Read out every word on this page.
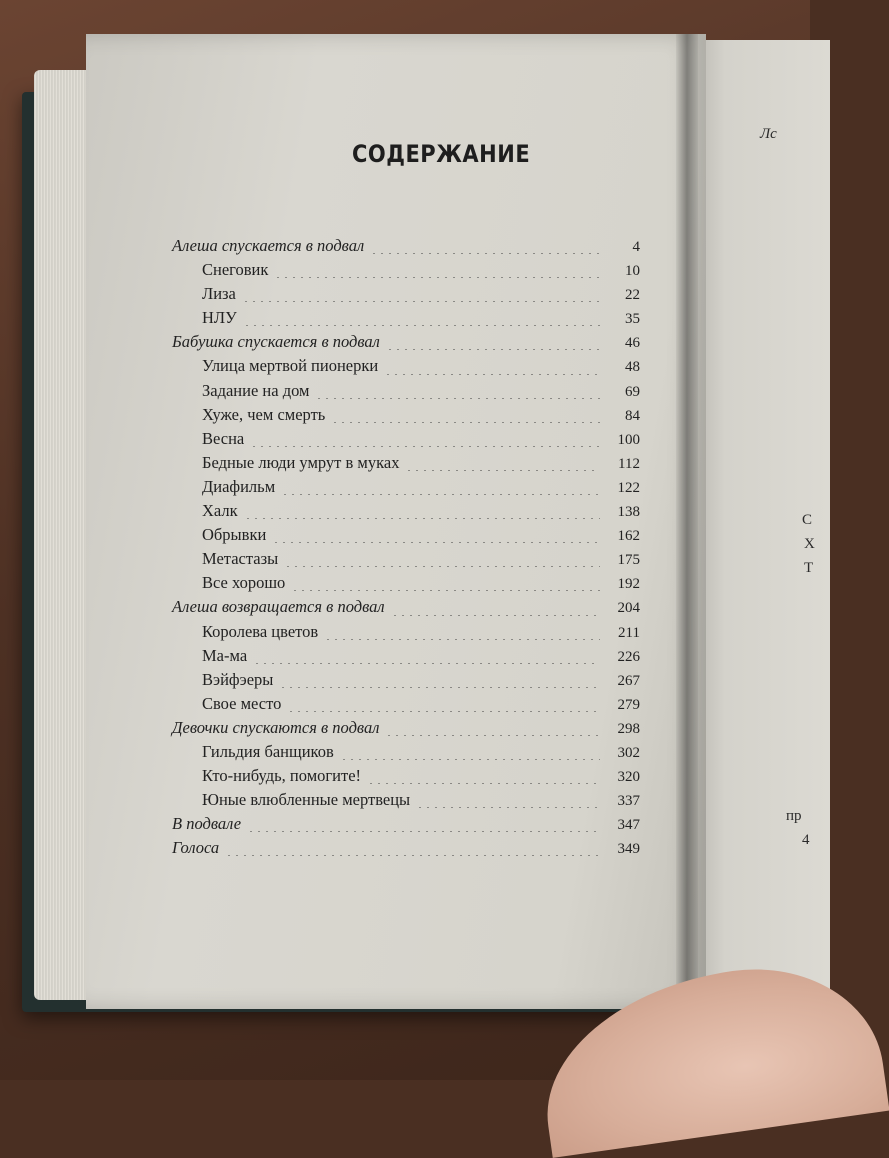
Лс
С
Х
Т
пр
4
СОДЕРЖАНИЕ
Алеша спускается в подвал	4
Снеговик	10
Лиза	22
НЛУ	35
Бабушка спускается в подвал	46
Улица мертвой пионерки	48
Задание на дом	69
Хуже, чем смерть	84
Весна	100
Бедные люди умрут в муках	112
Диафильм	122
Халк	138
Обрывки	162
Метастазы	175
Все хорошо	192
Алеша возвращается в подвал	204
Королева цветов	211
Ма-ма	226
Вэйфэеры	267
Свое место	279
Девочки спускаются в подвал	298
Гильдия банщиков	302
Кто-нибудь, помогите!	320
Юные влюбленные мертвецы	337
В подвале	347
Голоса	349
